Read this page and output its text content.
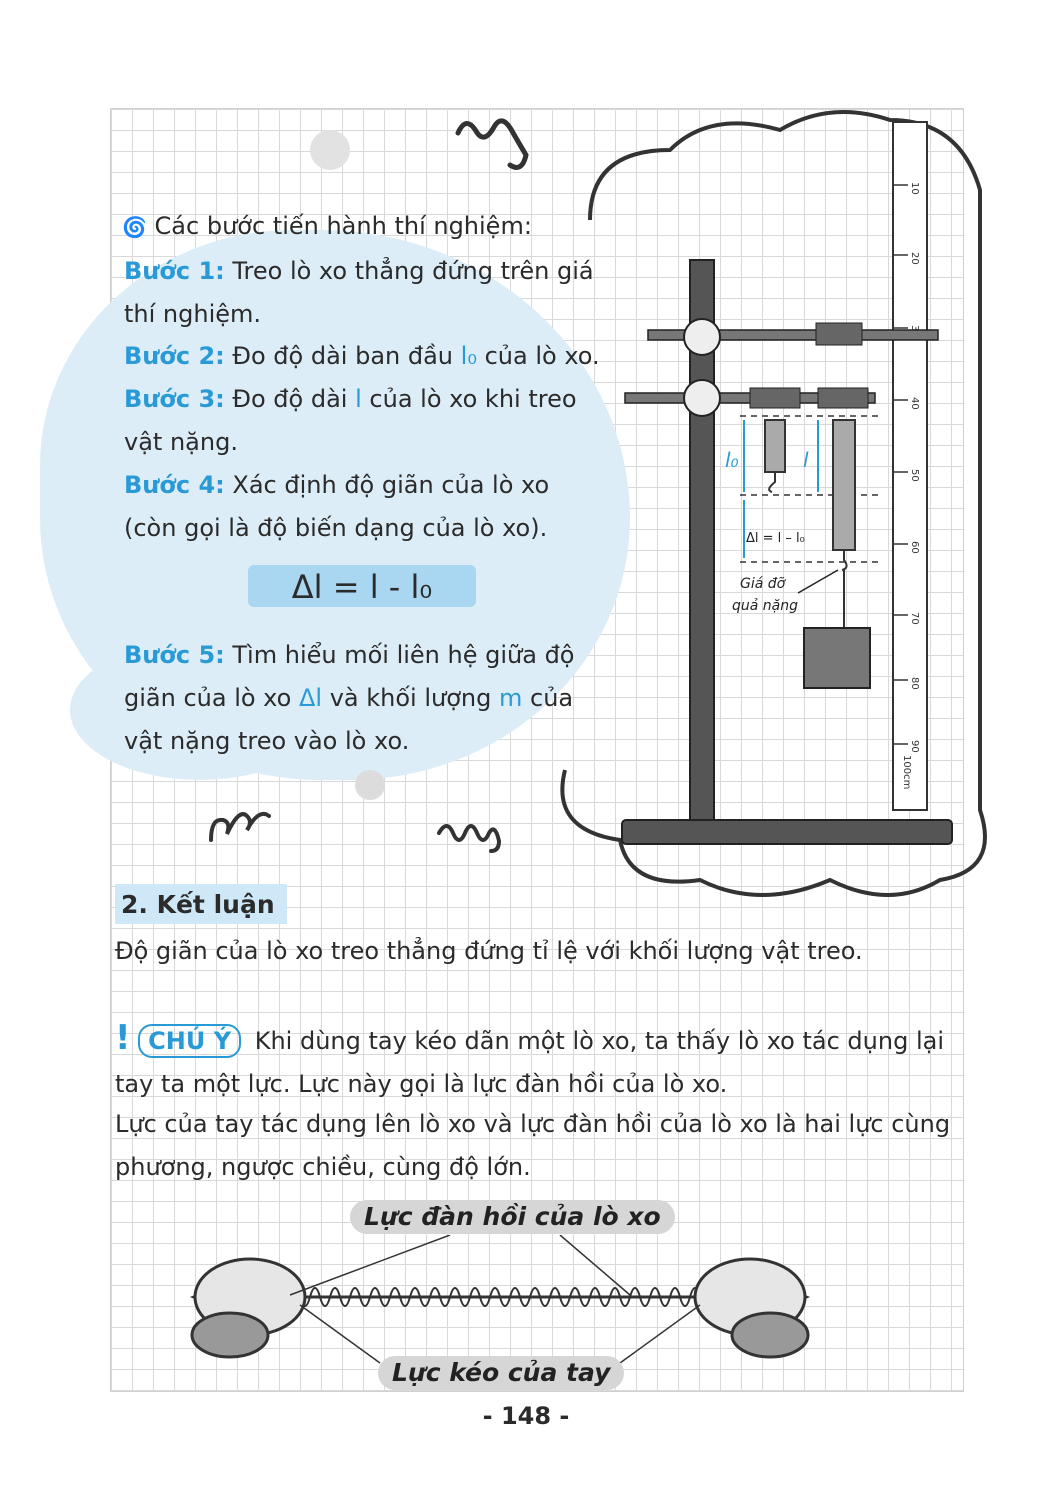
🌀 Các bước tiến hành thí nghiệm:
Bước 1: Treo lò xo thẳng đứng trên giá thí nghiệm.
Bước 2: Đo độ dài ban đầu l₀ của lò xo.
Bước 3: Đo độ dài l của lò xo khi treo vật nặng.
Bước 4: Xác định độ giãn của lò xo (còn gọi là độ biến dạng của lò xo).
Δl = l - l₀
Bước 5: Tìm hiểu mối liên hệ giữa độ giãn của lò xo Δl và khối lượng m của vật nặng treo vào lò xo.
10
20
40
50
60
70
80
90
100cm
l₀	l
Δl = l – l₀
Giá đỡ
quả nặng
2. Kết luận
Độ giãn của lò xo treo thẳng đứng tỉ lệ với khối lượng vật treo.
! CHÚ Ý Khi dùng tay kéo dãn một lò xo, ta thấy lò xo tác dụng lại tay ta một lực. Lực này gọi là lực đàn hồi của lò xo.
Lực của tay tác dụng lên lò xo và lực đàn hồi của lò xo là hai lực cùng phương, ngược chiều, cùng độ lớn.
Lực đàn hồi của lò xo
Lực kéo của tay
- 148 -
